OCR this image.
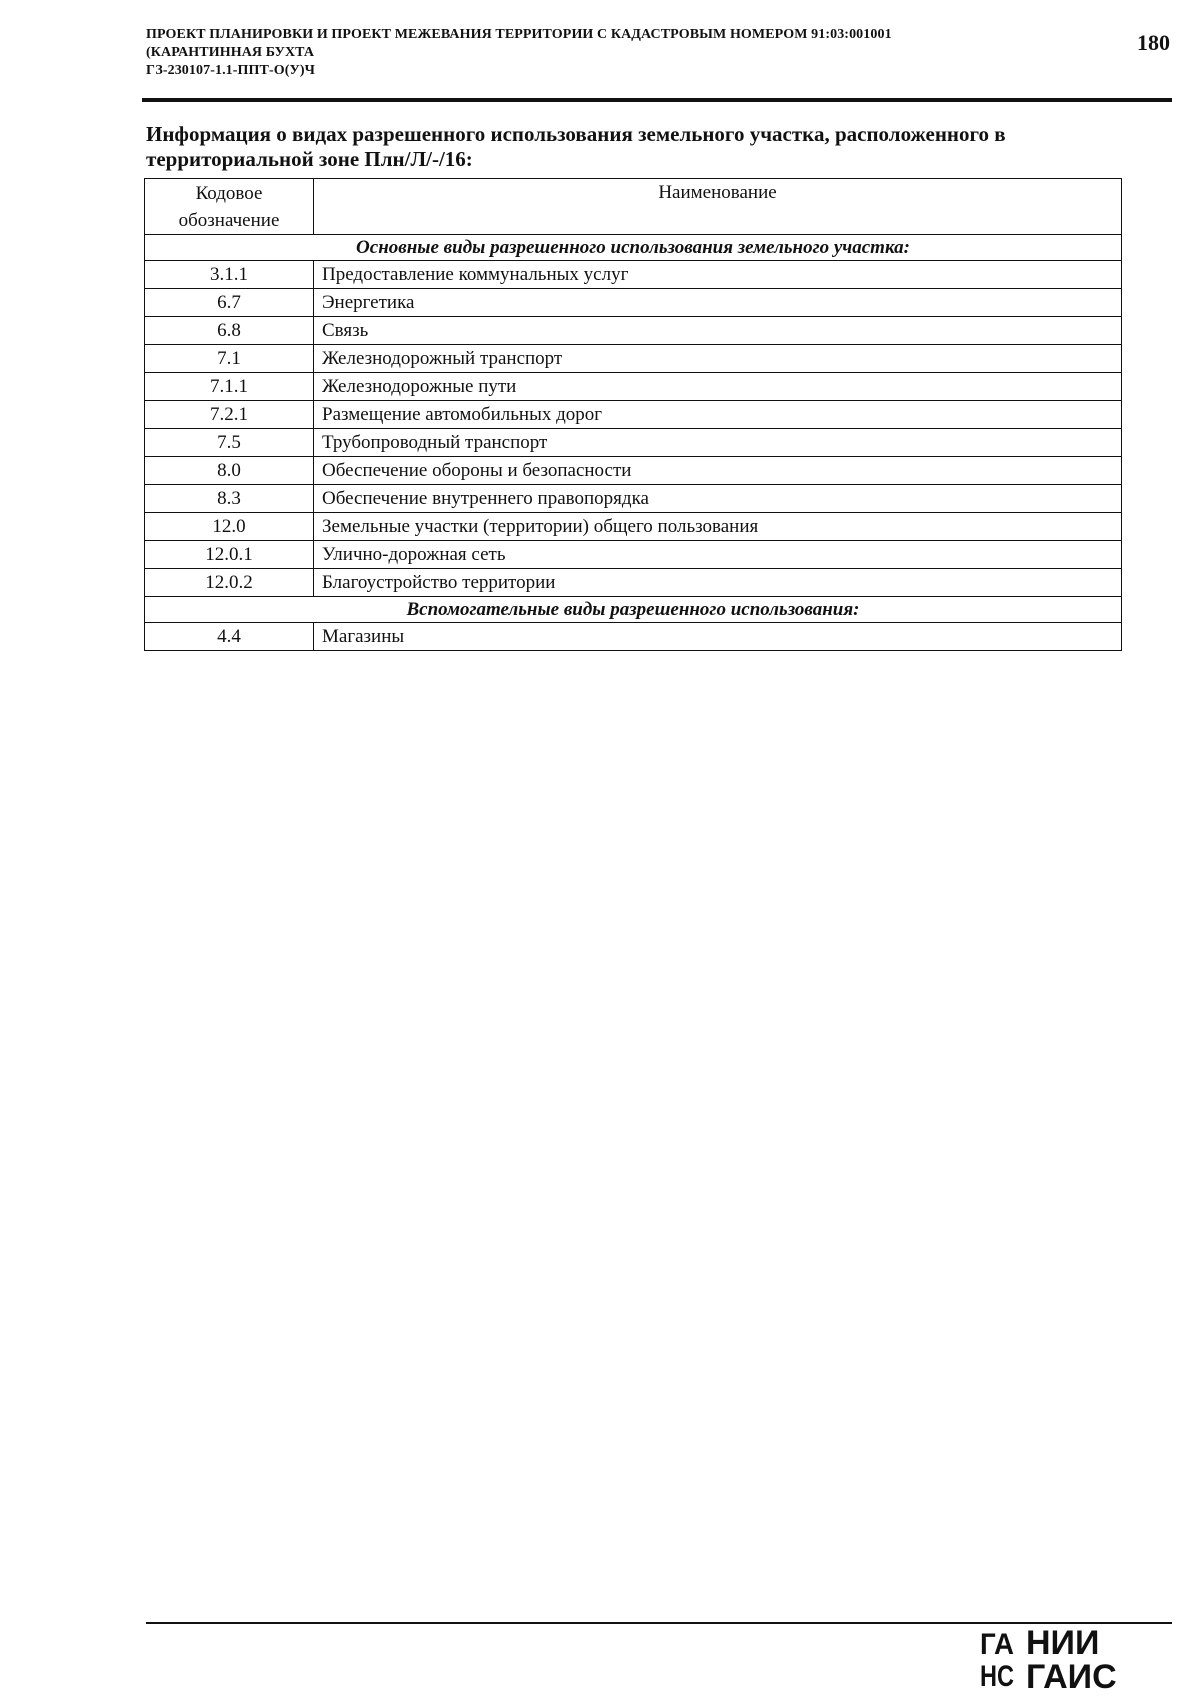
ПРОЕКТ ПЛАНИРОВКИ И ПРОЕКТ МЕЖЕВАНИЯ ТЕРРИТОРИИ С КАДАСТРОВЫМ НОМЕРОМ 91:03:001001
(КАРАНТИННАЯ БУХТА
ГЗ-230107-1.1-ППТ-О(У)Ч
180
Информация о видах разрешенного использования земельного участка, расположенного в территориальной зоне Плн/Л/-/16:
Кодовое обозначение	Наименование
Основные виды разрешенного использования земельного участка:	
3.1.1	Предоставление коммунальных услуг
6.7	Энергетика
6.8	Связь
7.1	Железнодорожный транспорт
7.1.1	Железнодорожные пути
7.2.1	Размещение автомобильных дорог
7.5	Трубопроводный транспорт
8.0	Обеспечение обороны и безопасности
8.3	Обеспечение внутреннего правопорядка
12.0	Земельные участки (территории) общего пользования
12.0.1	Улично-дорожная сеть
12.0.2	Благоустройство территории
Вспомогательные виды разрешенного использования:	
4.4	Магазины
ГА
НС
НИИ
ГАИС
